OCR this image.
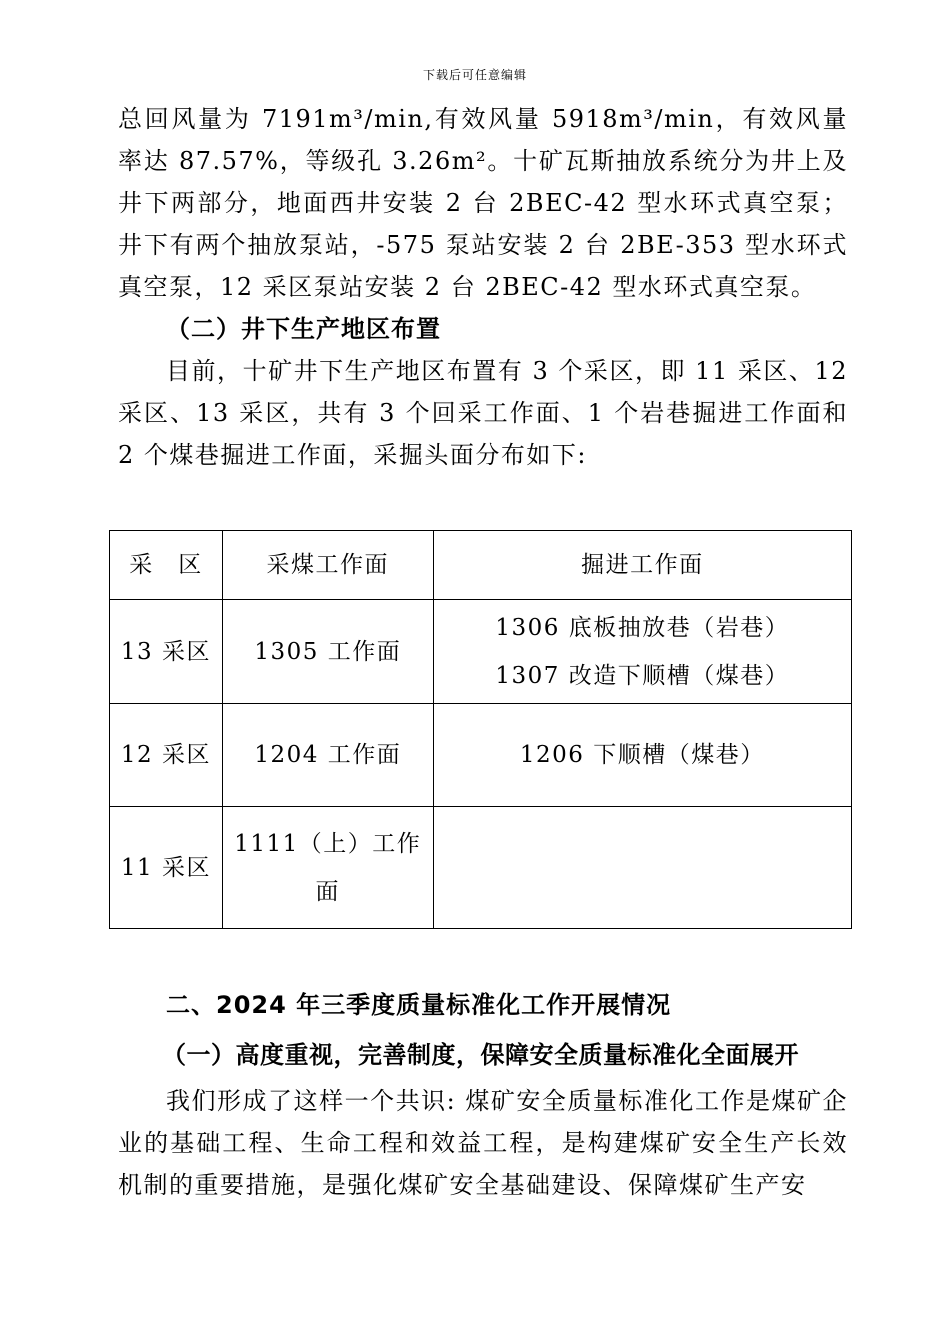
下载后可任意编辑

总回风量为 7191m³/min,有效风量 5918m³/min，有效风量率达 87.57%，等级孔 3.26m²。十矿瓦斯抽放系统分为井上及井下两部分，地面西井安装 2 台 2BEC-42 型水环式真空泵；井下有两个抽放泵站，-575 泵站安装 2 台 2BE-353 型水环式真空泵，12 采区泵站安装 2 台 2BEC-42 型水环式真空泵。

（二）井下生产地区布置

目前，十矿井下生产地区布置有 3 个采区，即 11 采区、12 采区、13 采区，共有 3 个回采工作面、1 个岩巷掘进工作面和 2 个煤巷掘进工作面，采掘头面分布如下:

采　区	采煤工作面	掘进工作面
13 采区	1305 工作面	1306 底板抽放巷（岩巷）
1307 改造下顺槽（煤巷）

12 采区	1204 工作面	1206 下顺槽（煤巷）

11 采区	1111（上）工作面	

二、2024 年三季度质量标准化工作开展情况

（一）高度重视，完善制度，保障安全质量标准化全面展开

我们形成了这样一个共识: 煤矿安全质量标准化工作是煤矿企业的基础工程、生命工程和效益工程，是构建煤矿安全生产长效机制的重要措施，是强化煤矿安全基础建设、保障煤矿生产安
